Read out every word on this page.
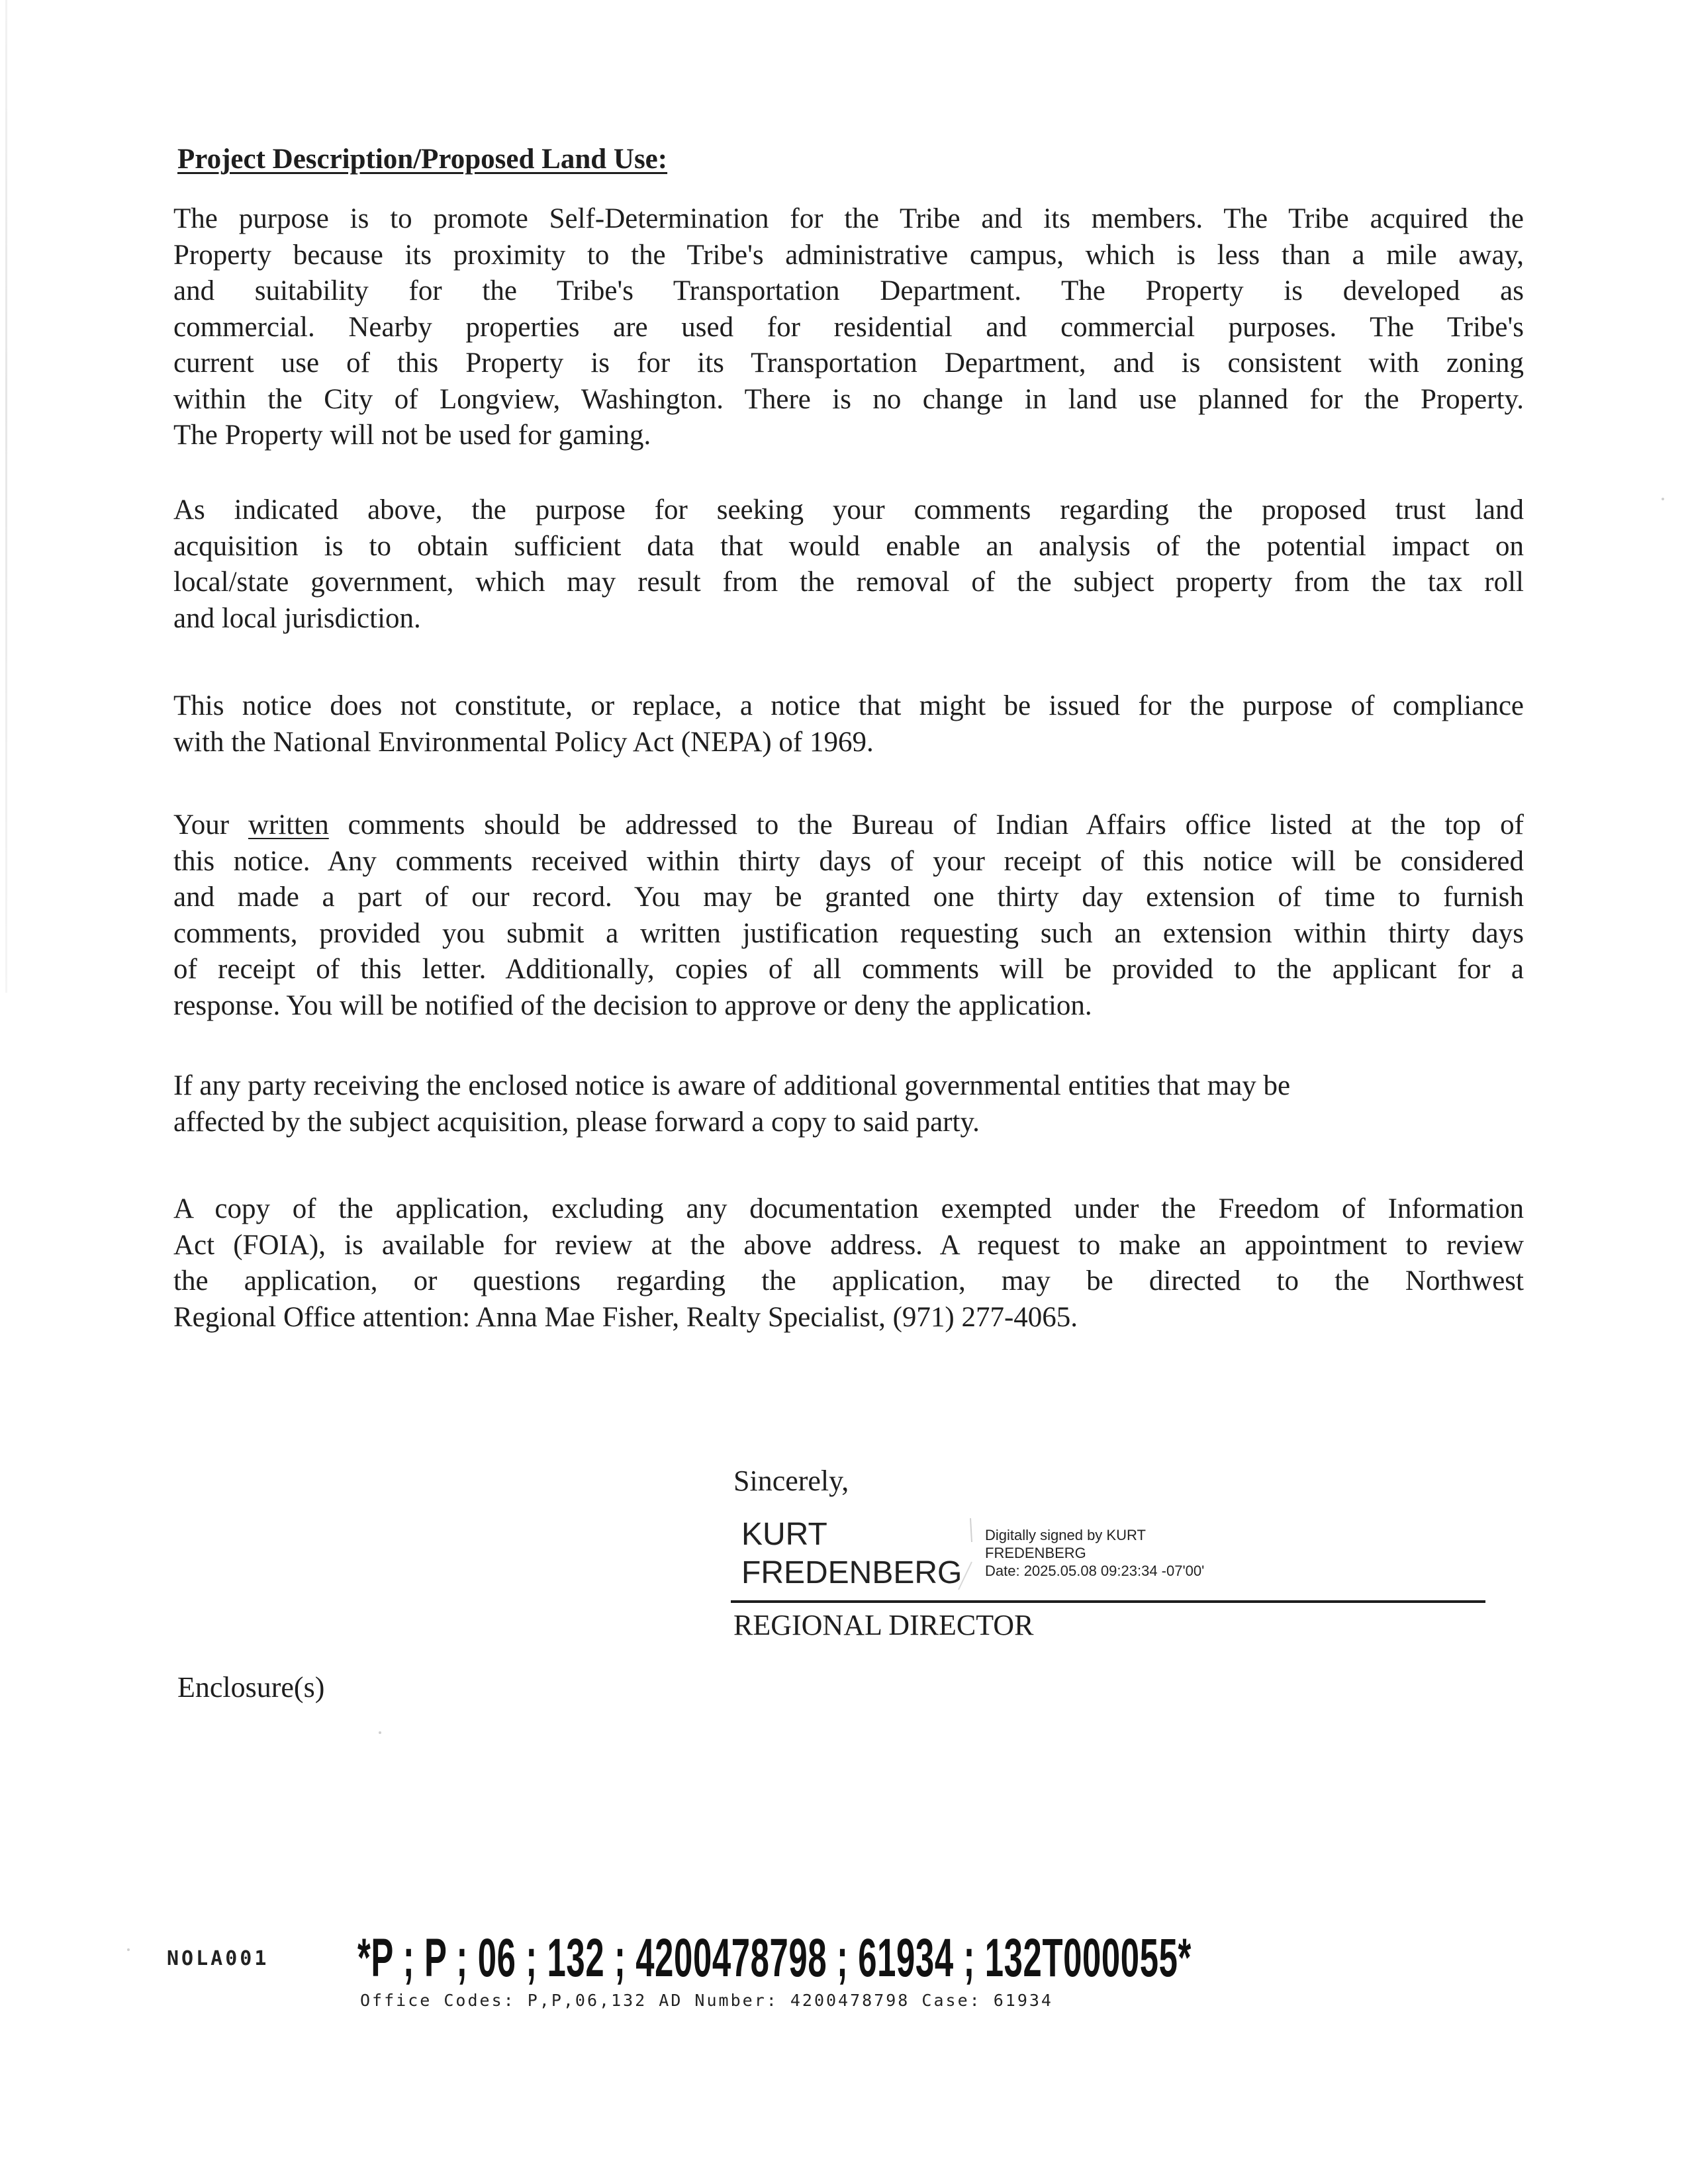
Project Description/Proposed Land Use:
The purpose is to promote Self-Determination for the Tribe and its members. The Tribe acquired the
Property because its proximity to the Tribe's administrative campus, which is less than a mile away,
and suitability for the Tribe's Transportation Department. The Property is developed as
commercial. Nearby properties are used for residential and commercial purposes. The Tribe's
current use of this Property is for its Transportation Department, and is consistent with zoning
within the City of Longview, Washington. There is no change in land use planned for the Property.
The Property will not be used for gaming.
As indicated above, the purpose for seeking your comments regarding the proposed trust land
acquisition is to obtain sufficient data that would enable an analysis of the potential impact on
local/state government, which may result from the removal of the subject property from the tax roll
and local jurisdiction.
This notice does not constitute, or replace, a notice that might be issued for the purpose of compliance
with the National Environmental Policy Act (NEPA) of 1969.
Your written comments should be addressed to the Bureau of Indian Affairs office listed at the top of
this notice. Any comments received within thirty days of your receipt of this notice will be considered
and made a part of our record. You may be granted one thirty day extension of time to furnish
comments, provided you submit a written justification requesting such an extension within thirty days
of receipt of this letter. Additionally, copies of all comments will be provided to the applicant for a
response. You will be notified of the decision to approve or deny the application.
If any party receiving the enclosed notice is aware of additional governmental entities that may be
affected by the subject acquisition, please forward a copy to said party.
A copy of the application, excluding any documentation exempted under the Freedom of Information
Act (FOIA), is available for review at the above address. A request to make an appointment to review
the application, or questions regarding the application, may be directed to the Northwest
Regional Office attention: Anna Mae Fisher, Realty Specialist, (971) 277-4065.
Sincerely,
KURT
FREDENBERG
Digitally signed by KURT
FREDENBERG
Date: 2025.05.08 09:23:34 -07'00'
REGIONAL DIRECTOR
Enclosure(s)
NOLA001 *P ; P ; 06 ; 132 ; 4200478798 ; 61934 ; 132T000055*
Office Codes: P,P,06,132 AD Number: 4200478798 Case: 61934
